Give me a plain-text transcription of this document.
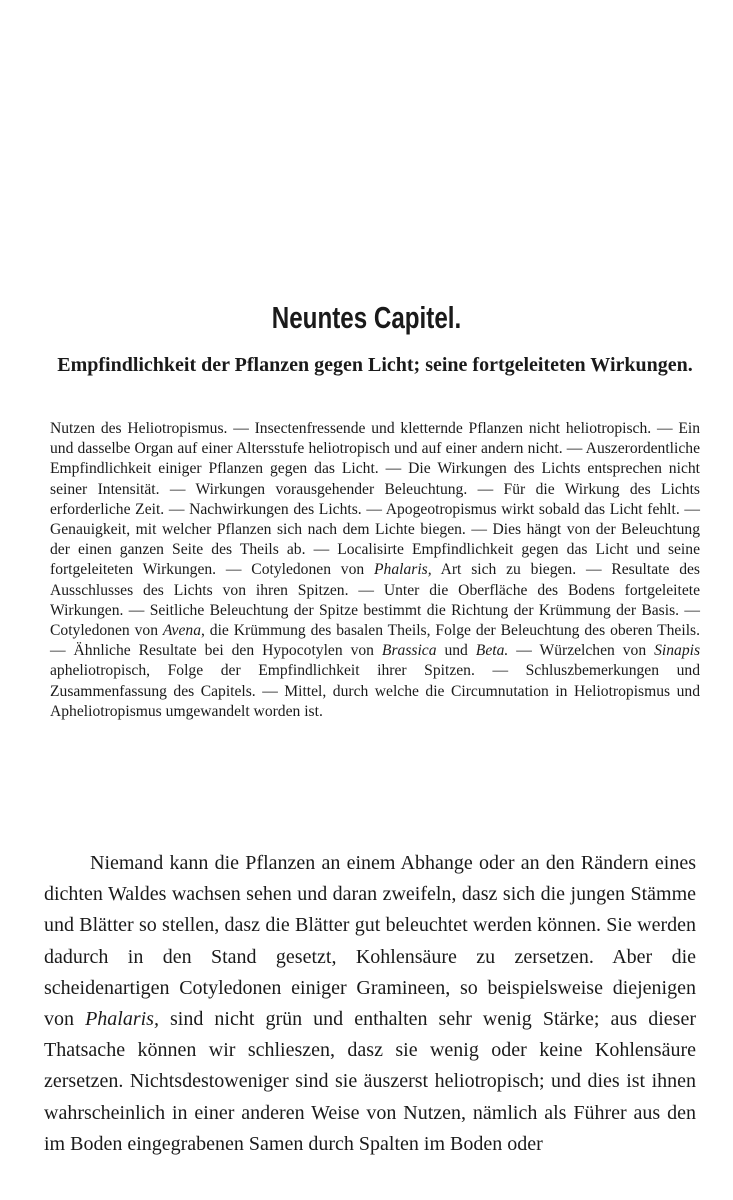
Neuntes Capitel.
Empfindlichkeit der Pflanzen gegen Licht; seine fortgeleiteten Wirkungen.

Nutzen des Heliotropismus. — Insectenfressende und kletternde Pflanzen nicht heliotropisch. — Ein und dasselbe Organ auf einer Altersstufe heliotropisch und auf einer andern nicht. — Auszerordentliche Empfindlichkeit einiger Pflanzen gegen das Licht. — Die Wirkungen des Lichts entsprechen nicht seiner Intensität. — Wirkungen vorausgehender Beleuchtung. — Für die Wirkung des Lichts erforderliche Zeit. — Nachwirkungen des Lichts. — Apogeotropismus wirkt sobald das Licht fehlt. — Genauigkeit, mit welcher Pflanzen sich nach dem Lichte biegen. — Dies hängt von der Beleuchtung der einen ganzen Seite des Theils ab. — Localisirte Empfindlichkeit gegen das Licht und seine fortgeleiteten Wirkungen. — Cotyledonen von Phalaris, Art sich zu biegen. — Resultate des Ausschlusses des Lichts von ihren Spitzen. — Unter die Oberfläche des Bodens fortgeleitete Wirkungen. — Seitliche Beleuchtung der Spitze bestimmt die Richtung der Krümmung der Basis. — Cotyledonen von Avena, die Krümmung des basalen Theils, Folge der Beleuchtung des oberen Theils. — Ähnliche Resultate bei den Hypocotylen von Brassica und Beta. — Würzelchen von Sinapis apheliotropisch, Folge der Empfindlichkeit ihrer Spitzen. — Schluszbemerkungen und Zusammenfassung des Capitels. — Mittel, durch welche die Circumnutation in Heliotropismus und Apheliotropismus umgewandelt worden ist.

Niemand kann die Pflanzen an einem Abhange oder an den Rändern eines dichten Waldes wachsen sehen und daran zweifeln, dasz sich die jungen Stämme und Blätter so stellen, dasz die Blätter gut beleuchtet werden können. Sie werden dadurch in den Stand gesetzt, Kohlensäure zu zersetzen. Aber die scheidenartigen Cotyledonen einiger Gramineen, so beispielsweise diejenigen von Phalaris, sind nicht grün und enthalten sehr wenig Stärke; aus dieser Thatsache können wir schlieszen, dasz sie wenig oder keine Kohlensäure zersetzen. Nichtsdestoweniger sind sie äuszerst heliotropisch; und dies ist ihnen wahrscheinlich in einer anderen Weise von Nutzen, nämlich als Führer aus den im Boden eingegrabenen Samen durch Spalten im Boden oder
